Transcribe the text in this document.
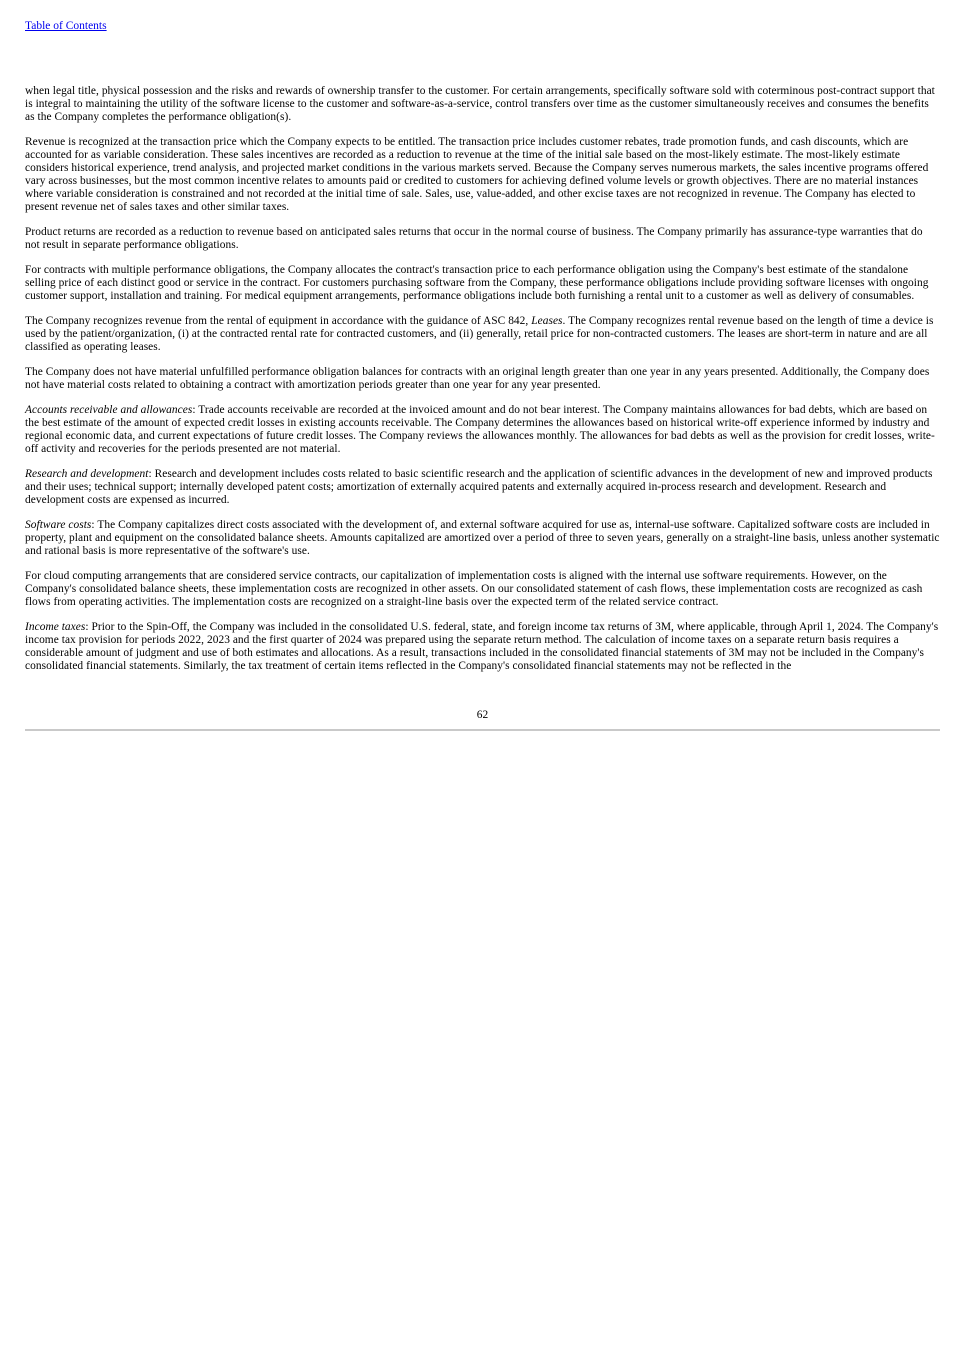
Table of Contents

when legal title, physical possession and the risks and rewards of ownership transfer to the customer. For certain arrangements, specifically software sold with coterminous post-contract support that is integral to maintaining the utility of the software license to the customer and software-as-a-service, control transfers over time as the customer simultaneously receives and consumes the benefits as the Company completes the performance obligation(s).

Revenue is recognized at the transaction price which the Company expects to be entitled. The transaction price includes customer rebates, trade promotion funds, and cash discounts, which are accounted for as variable consideration. These sales incentives are recorded as a reduction to revenue at the time of the initial sale based on the most-likely estimate. The most-likely estimate considers historical experience, trend analysis, and projected market conditions in the various markets served. Because the Company serves numerous markets, the sales incentive programs offered vary across businesses, but the most common incentive relates to amounts paid or credited to customers for achieving defined volume levels or growth objectives. There are no material instances where variable consideration is constrained and not recorded at the initial time of sale. Sales, use, value-added, and other excise taxes are not recognized in revenue. The Company has elected to present revenue net of sales taxes and other similar taxes.

Product returns are recorded as a reduction to revenue based on anticipated sales returns that occur in the normal course of business. The Company primarily has assurance-type warranties that do not result in separate performance obligations.

For contracts with multiple performance obligations, the Company allocates the contract's transaction price to each performance obligation using the Company's best estimate of the standalone selling price of each distinct good or service in the contract. For customers purchasing software from the Company, these performance obligations include providing software licenses with ongoing customer support, installation and training. For medical equipment arrangements, performance obligations include both furnishing a rental unit to a customer as well as delivery of consumables.

The Company recognizes revenue from the rental of equipment in accordance with the guidance of ASC 842, Leases. The Company recognizes rental revenue based on the length of time a device is used by the patient/organization, (i) at the contracted rental rate for contracted customers, and (ii) generally, retail price for non-contracted customers. The leases are short-term in nature and are all classified as operating leases.

The Company does not have material unfulfilled performance obligation balances for contracts with an original length greater than one year in any years presented. Additionally, the Company does not have material costs related to obtaining a contract with amortization periods greater than one year for any year presented.

Accounts receivable and allowances: Trade accounts receivable are recorded at the invoiced amount and do not bear interest. The Company maintains allowances for bad debts, which are based on the best estimate of the amount of expected credit losses in existing accounts receivable. The Company determines the allowances based on historical write-off experience informed by industry and regional economic data, and current expectations of future credit losses. The Company reviews the allowances monthly. The allowances for bad debts as well as the provision for credit losses, write-off activity and recoveries for the periods presented are not material.

Research and development: Research and development includes costs related to basic scientific research and the application of scientific advances in the development of new and improved products and their uses; technical support; internally developed patent costs; amortization of externally acquired patents and externally acquired in-process research and development. Research and development costs are expensed as incurred.

Software costs: The Company capitalizes direct costs associated with the development of, and external software acquired for use as, internal-use software. Capitalized software costs are included in property, plant and equipment on the consolidated balance sheets. Amounts capitalized are amortized over a period of three to seven years, generally on a straight-line basis, unless another systematic and rational basis is more representative of the software's use.

For cloud computing arrangements that are considered service contracts, our capitalization of implementation costs is aligned with the internal use software requirements. However, on the Company's consolidated balance sheets, these implementation costs are recognized in other assets. On our consolidated statement of cash flows, these implementation costs are recognized as cash flows from operating activities. The implementation costs are recognized on a straight-line basis over the expected term of the related service contract.

Income taxes: Prior to the Spin-Off, the Company was included in the consolidated U.S. federal, state, and foreign income tax returns of 3M, where applicable, through April 1, 2024. The Company's income tax provision for periods 2022, 2023 and the first quarter of 2024 was prepared using the separate return method. The calculation of income taxes on a separate return basis requires a considerable amount of judgment and use of both estimates and allocations. As a result, transactions included in the consolidated financial statements of 3M may not be included in the Company's consolidated financial statements. Similarly, the tax treatment of certain items reflected in the Company's consolidated financial statements may not be reflected in the

62
